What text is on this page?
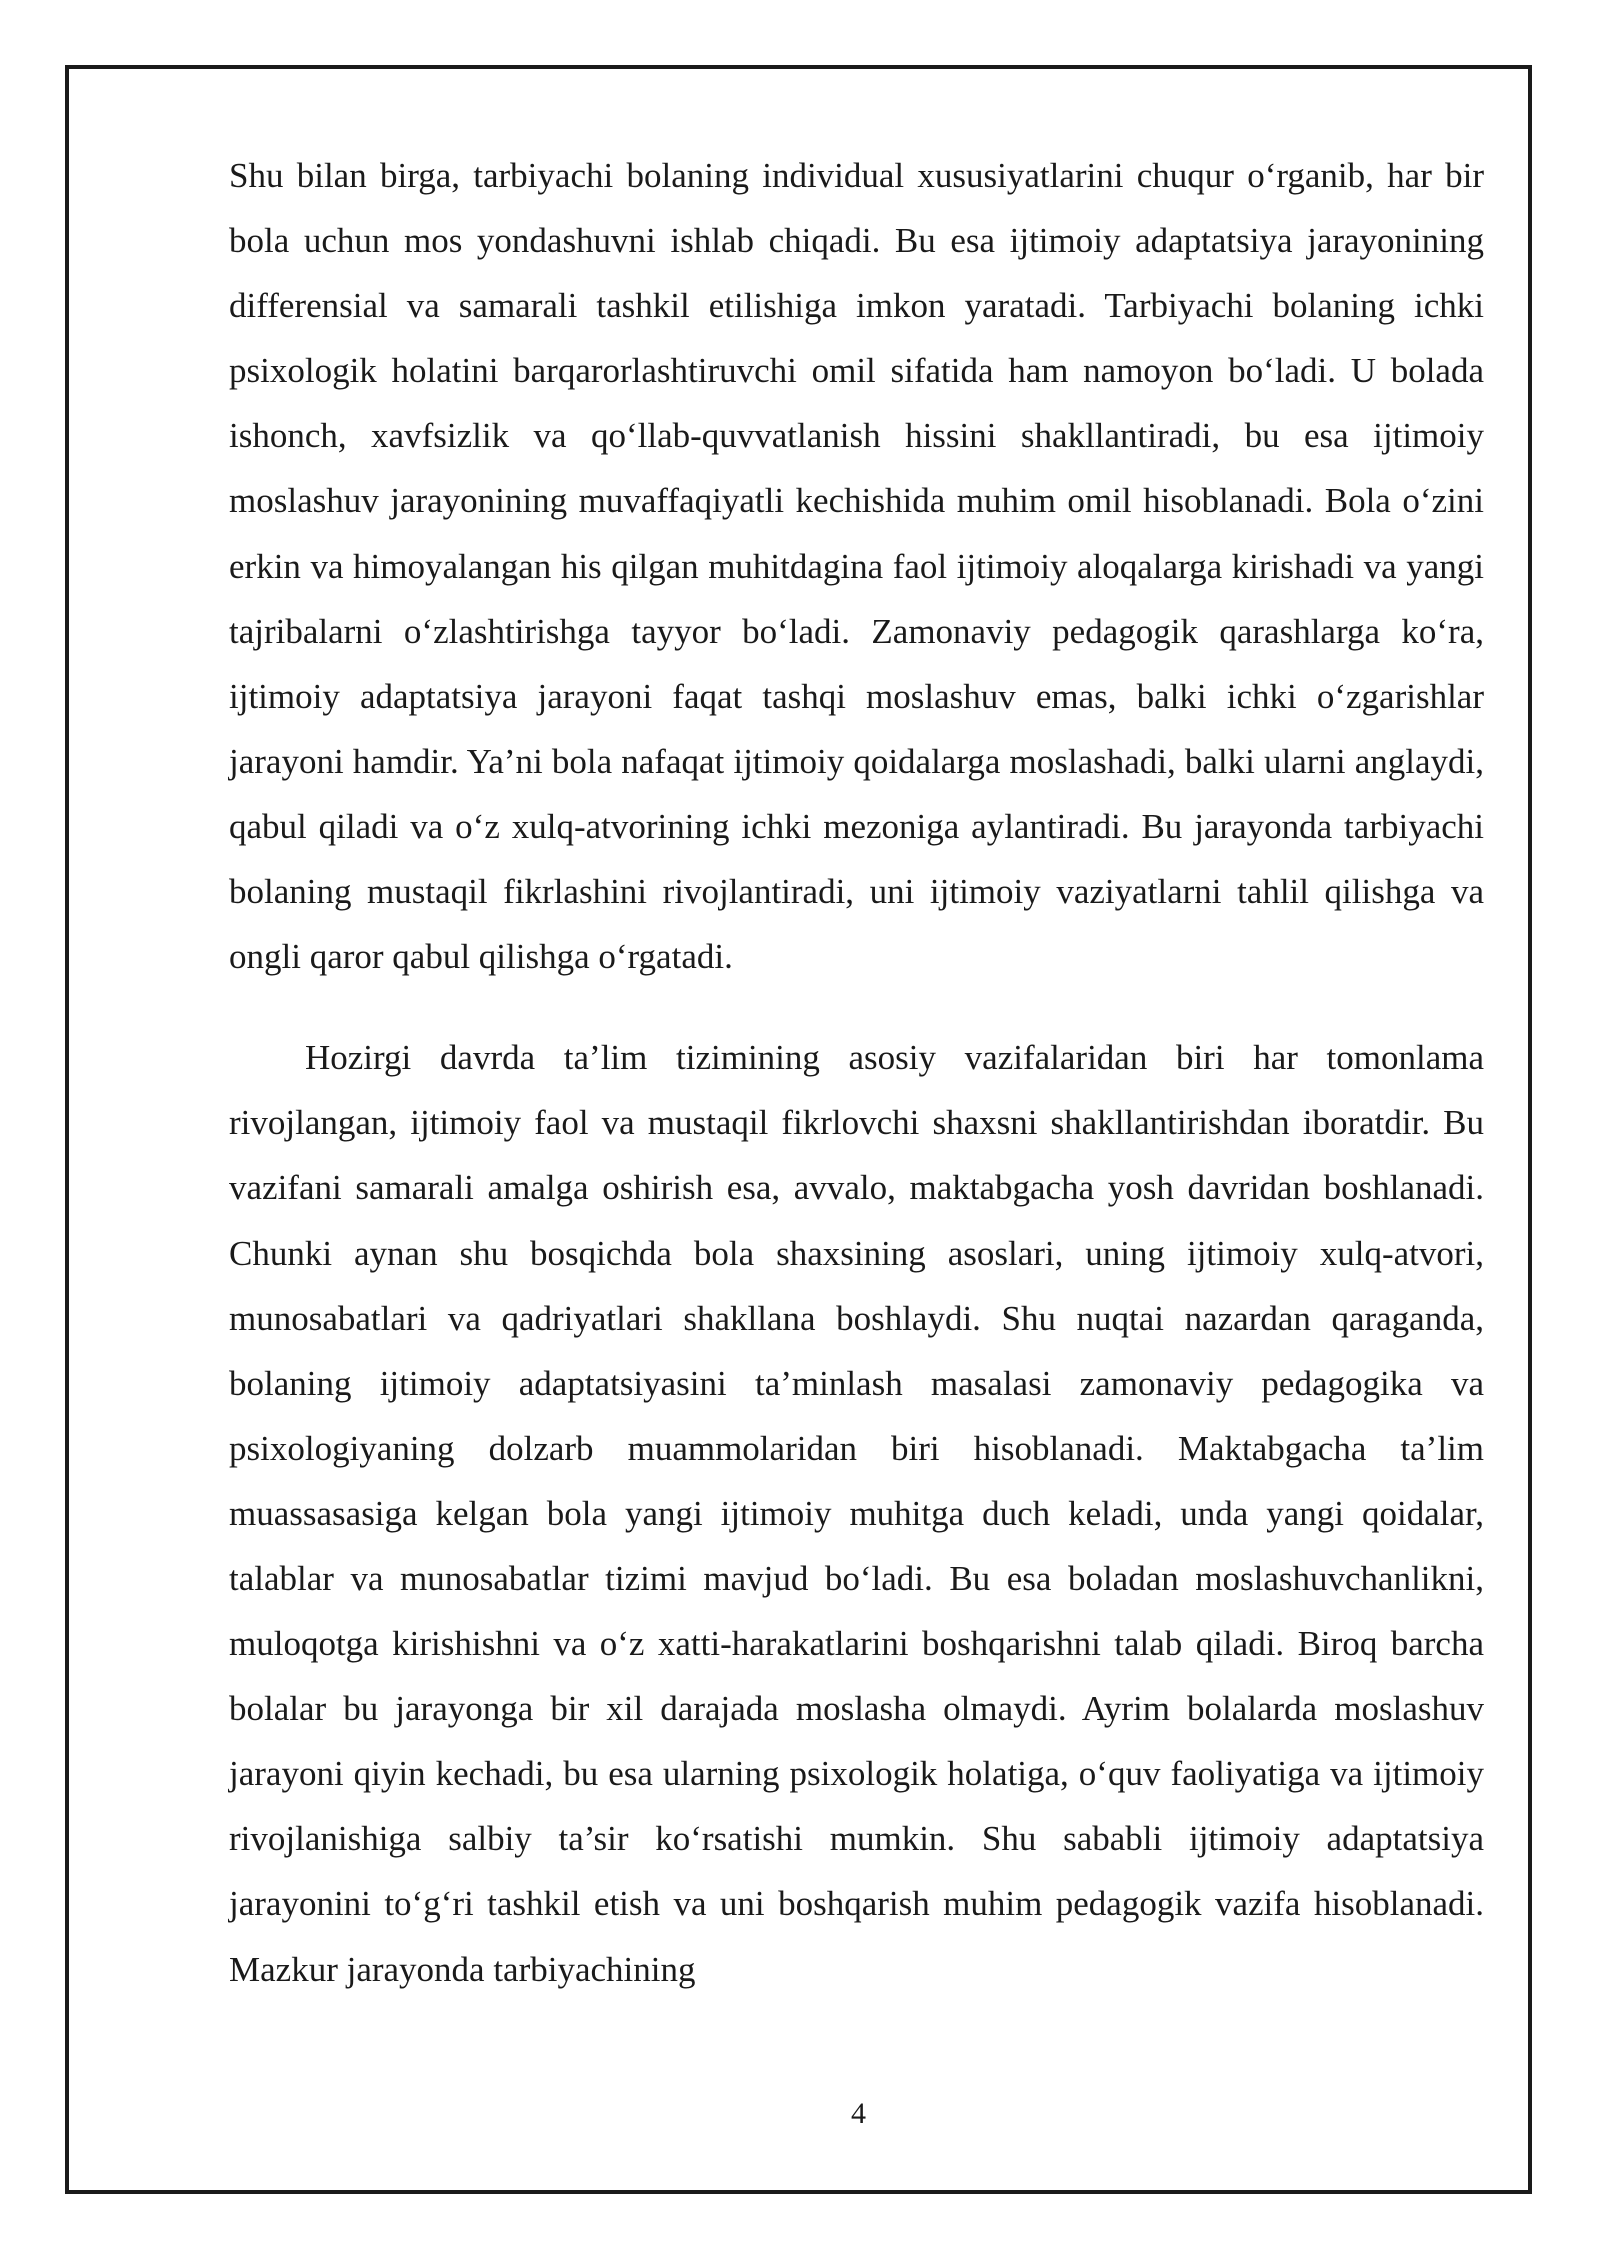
Shu bilan birga, tarbiyachi bolaning individual xususiyatlarini chuqur o‘rganib, har bir bola uchun mos yondashuvni ishlab chiqadi. Bu esa ijtimoiy adaptatsiya jarayonining differensial va samarali tashkil etilishiga imkon yaratadi. Tarbiyachi bolaning ichki psixologik holatini barqarorlashtiruvchi omil sifatida ham namoyon bo‘ladi. U bolada ishonch, xavfsizlik va qo‘llab-quvvatlanish hissini shakllantiradi, bu esa ijtimoiy moslashuv jarayonining muvaffaqiyatli kechishida muhim omil hisoblanadi. Bola o‘zini erkin va himoyalangan his qilgan muhitdagina faol ijtimoiy aloqalarga kirishadi va yangi tajribalarni o‘zlashtirishga tayyor bo‘ladi. Zamonaviy pedagogik qarashlarga ko‘ra, ijtimoiy adaptatsiya jarayoni faqat tashqi moslashuv emas, balki ichki o‘zgarishlar jarayoni hamdir. Ya’ni bola nafaqat ijtimoiy qoidalarga moslashadi, balki ularni anglaydi, qabul qiladi va o‘z xulq-atvorining ichki mezoniga aylantiradi. Bu jarayonda tarbiyachi bolaning mustaqil fikrlashini rivojlantiradi, uni ijtimoiy vaziyatlarni tahlil qilishga va ongli qaror qabul qilishga o‘rgatadi.

Hozirgi davrda ta’lim tizimining asosiy vazifalaridan biri har tomonlama rivojlangan, ijtimoiy faol va mustaqil fikrlovchi shaxsni shakllantirishdan iboratdir. Bu vazifani samarali amalga oshirish esa, avvalo, maktabgacha yosh davridan boshlanadi. Chunki aynan shu bosqichda bola shaxsining asoslari, uning ijtimoiy xulq-atvori, munosabatlari va qadriyatlari shakllana boshlaydi. Shu nuqtai nazardan qaraganda, bolaning ijtimoiy adaptatsiyasini ta’minlash masalasi zamonaviy pedagogika va psixologiyaning dolzarb muammolaridan biri hisoblanadi. Maktabgacha ta’lim muassasasiga kelgan bola yangi ijtimoiy muhitga duch keladi, unda yangi qoidalar, talablar va munosabatlar tizimi mavjud bo‘ladi. Bu esa boladan moslashuvchanlikni, muloqotga kirishishni va o‘z xatti-harakatlarini boshqarishni talab qiladi. Biroq barcha bolalar bu jarayonga bir xil darajada moslasha olmaydi. Ayrim bolalarda moslashuv jarayoni qiyin kechadi, bu esa ularning psixologik holatiga, o‘quv faoliyatiga va ijtimoiy rivojlanishiga salbiy ta’sir ko‘rsatishi mumkin. Shu sababli ijtimoiy adaptatsiya jarayonini to‘g‘ri tashkil etish va uni boshqarish muhim pedagogik vazifa hisoblanadi. Mazkur jarayonda tarbiyachining

4
